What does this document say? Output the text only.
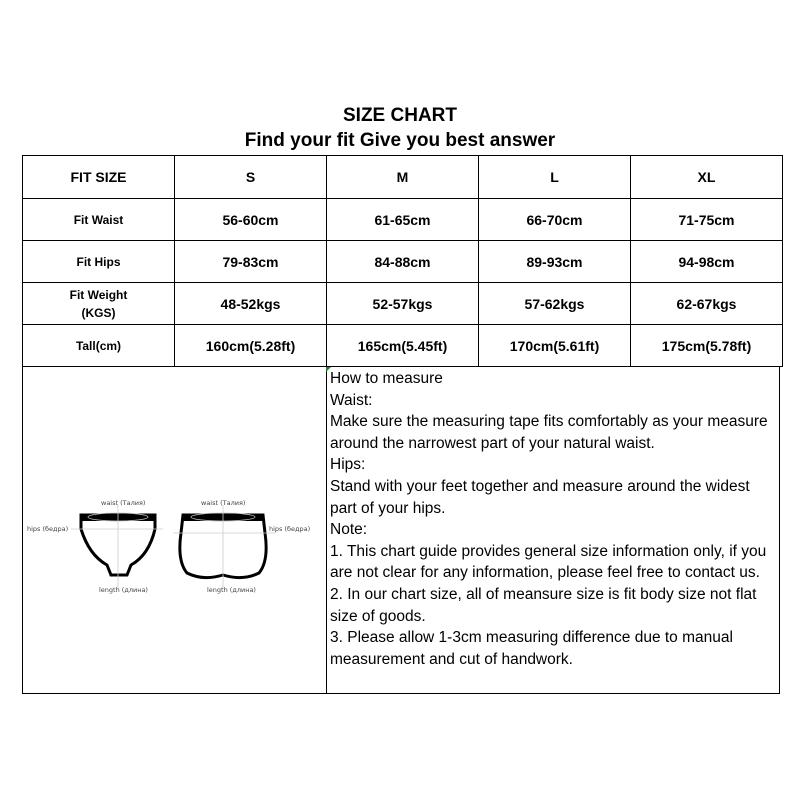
SIZE CHART
Find your fit Give you best answer
FIT SIZE	S	M	L	XL
Fit Waist	56-60cm	61-65cm	66-70cm	71-75cm
Fit Hips	79-83cm	84-88cm	89-93cm	94-98cm
Fit Weight
(KGS)	48-52kgs	52-57kgs	57-62kgs	62-67kgs
Tall(cm)	160cm(5.28ft)	165cm(5.45ft)	170cm(5.61ft)	175cm(5.78ft)
waist (Талия)
hips (бедра)
length (длина)
waist (Талия)
hips (бедра)
length (длина)
How to measure
Waist:
Make sure the measuring tape fits comfortably as your measure around the narrowest part of your natural waist.
Hips:
Stand with your feet together and measure around the widest part of your hips.
Note:
1. This chart guide provides general size information only, if you are not clear for any information, please feel free to contact us.
2. In our chart size, all of meansure size is fit body size not flat size of goods.
3. Please allow 1-3cm measuring difference due to manual measurement and cut of handwork.
